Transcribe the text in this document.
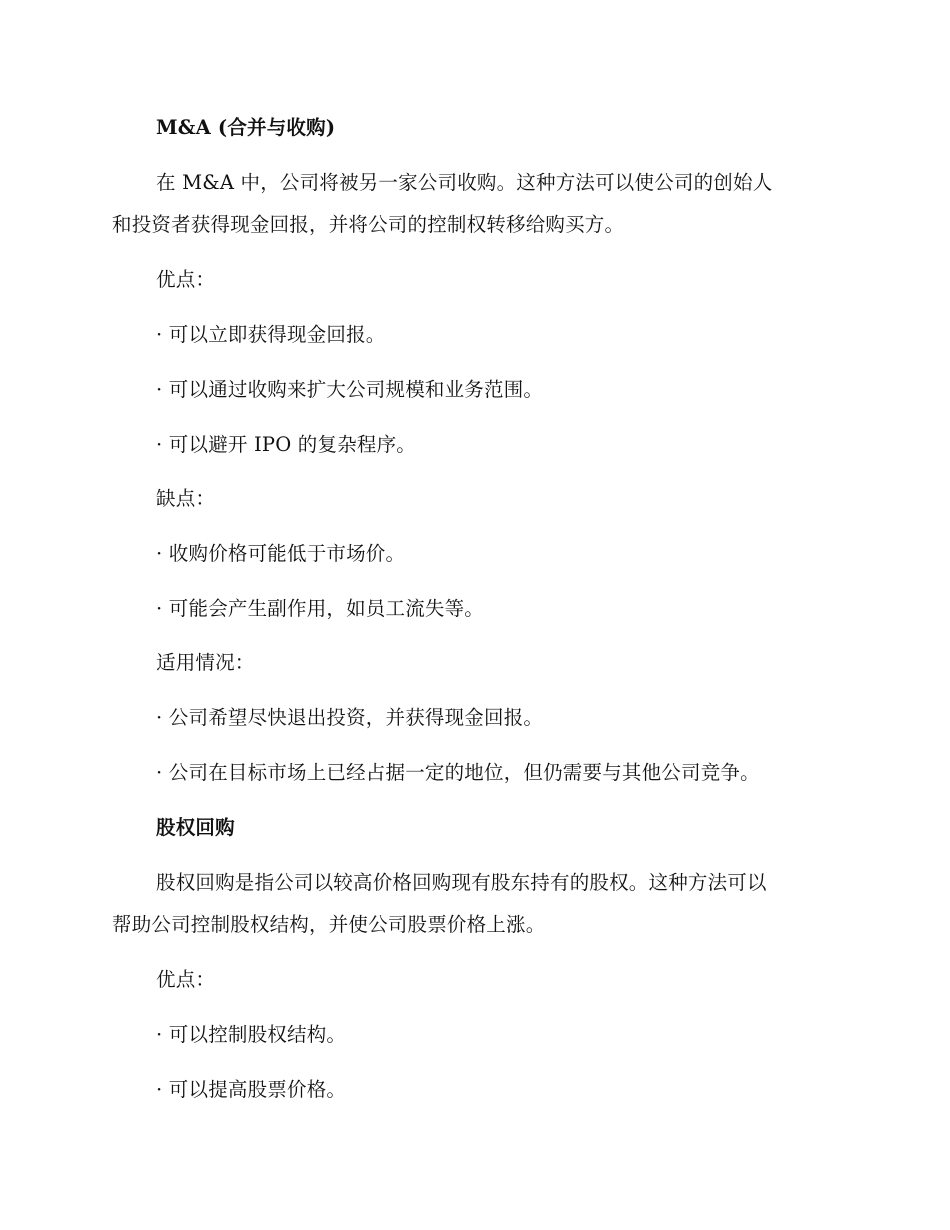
M&A (合并与收购)
在 M&A 中，公司将被另一家公司收购。这种方法可以使公司的创始人
和投资者获得现金回报，并将公司的控制权转移给购买方。
优点：
· 可以立即获得现金回报。
· 可以通过收购来扩大公司规模和业务范围。
· 可以避开 IPO 的复杂程序。
缺点：
· 收购价格可能低于市场价。
· 可能会产生副作用，如员工流失等。
适用情况：
· 公司希望尽快退出投资，并获得现金回报。
· 公司在目标市场上已经占据一定的地位，但仍需要与其他公司竞争。
股权回购
股权回购是指公司以较高价格回购现有股东持有的股权。这种方法可以
帮助公司控制股权结构，并使公司股票价格上涨。
优点：
· 可以控制股权结构。
· 可以提高股票价格。
